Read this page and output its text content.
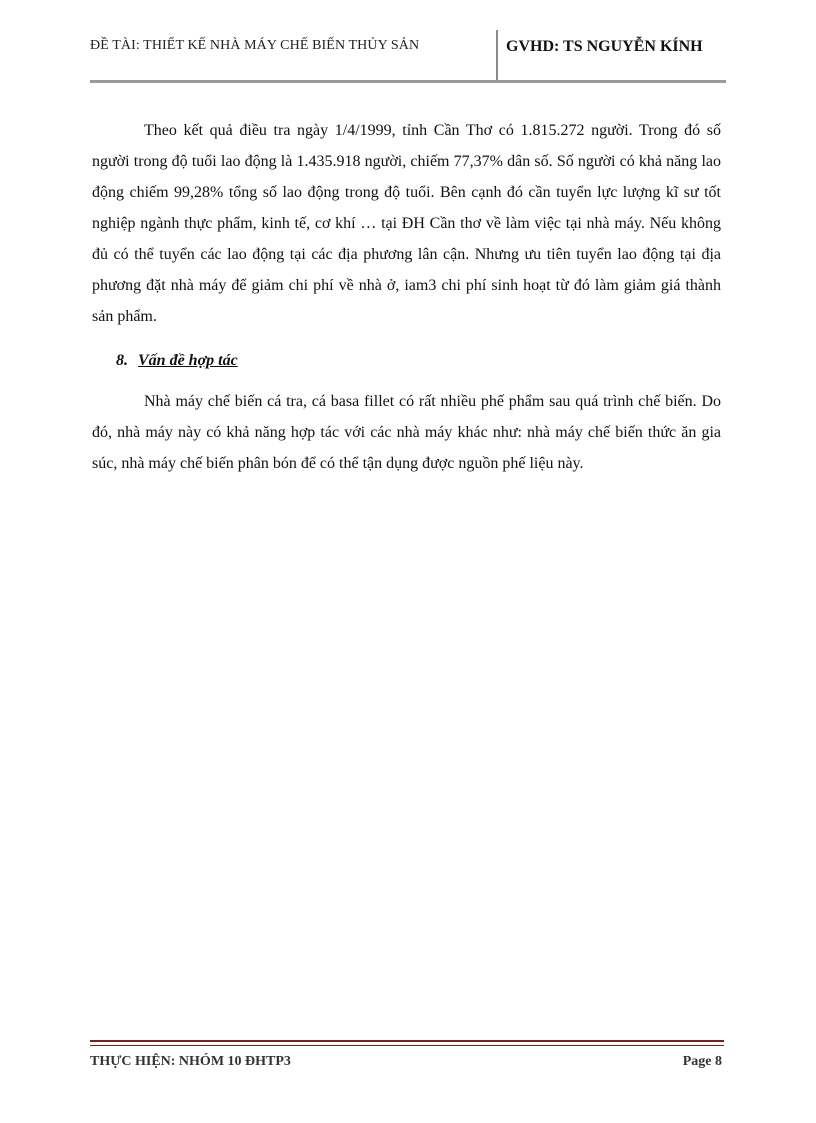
ĐỀ TÀI: THIẾT KẾ NHÀ MÁY CHẾ BIẾN THỦY SẢN	GVHD: TS NGUYỄN KÍNH

Theo kết quả điều tra ngày 1/4/1999, tỉnh Cần Thơ có 1.815.272 người. Trong đó số người trong độ tuổi lao động là 1.435.918 người, chiếm 77,37% dân số. Số người có khả năng lao động chiếm 99,28% tổng số lao động trong độ tuổi. Bên cạnh đó cần tuyển lực lượng kĩ sư tốt nghiệp ngành thực phẩm, kinh tế, cơ khí … tại ĐH Cần thơ về làm việc tại nhà máy. Nếu không đủ có thể tuyển các lao động tại các địa phương lân cận. Nhưng ưu tiên tuyển lao động tại địa phương đặt nhà máy để giảm chi phí về nhà ở, iam3 chi phí sinh hoạt từ đó làm giảm giá thành sản phẩm.

8. Vấn đề hợp tác

Nhà máy chế biến cá tra, cá basa fillet có rất nhiều phế phẩm sau quá trình chế biến. Do đó, nhà máy này có khả năng hợp tác với các nhà máy khác như: nhà máy chế biến thức ăn gia súc, nhà máy chế biến phân bón để có thể tận dụng được nguồn phế liệu này.

THỰC HIỆN: NHÓM 10 ĐHTP3	Page 8
